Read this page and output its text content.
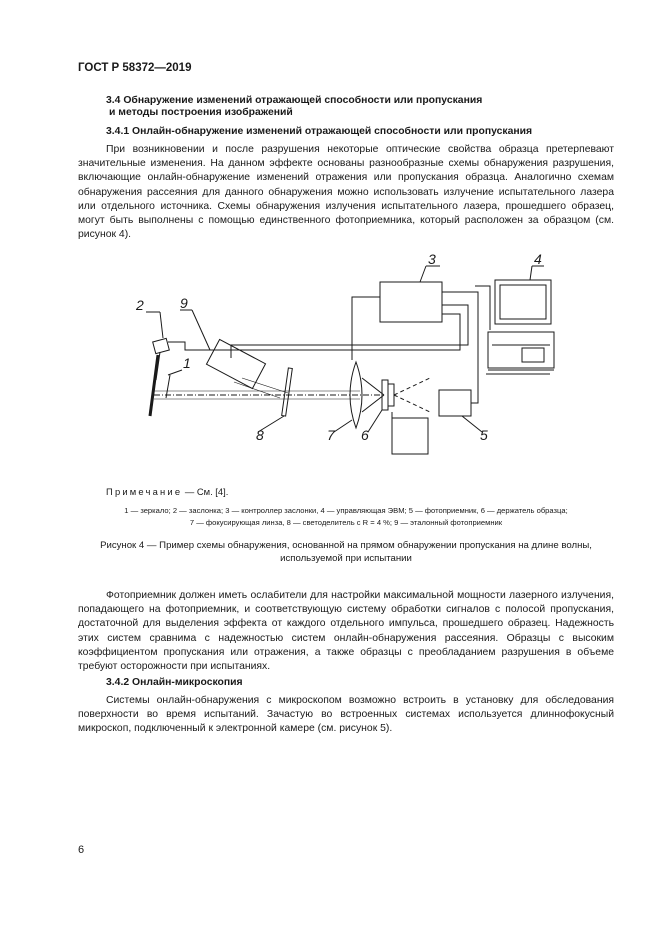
ГОСТ Р 58372—2019
3.4 Обнаружение изменений отражающей способности или пропускания
и методы построения изображений
3.4.1 Онлайн-обнаружение изменений отражающей способности или пропускания

При возникновении и после разрушения некоторые оптические свойства образца претерпевают значительные изменения. На данном эффекте основаны разнообразные схемы обнаружения разрушения, включающие онлайн-обнаружение изменений отражения или пропускания образца. Аналогично схемам обнаружения рассеяния для данного обнаружения можно использовать излучение испытательного лазера или отдельного источника. Схемы обнаружения излучения испытательного лазера, прошедшего образец, могут быть выполнены с помощью единственного фотоприемника, который расположен за образцом (см. рисунок 4).

2	9
3	4
1
8	7 6	5
Примечание — См. [4].
1 — зеркало; 2 — заслонка; 3 — контроллер заслонки, 4 — управляющая ЭВМ; 5 — фотоприемник, 6 — держатель образца;
7 — фокусирующая линза, 8 — светоделитель с R = 4 %; 9 — эталонный фотоприемник
Рисунок 4 — Пример схемы обнаружения, основанной на прямом обнаружении пропускания на длине волны,
используемой при испытании

Фотоприемник должен иметь ослабители для настройки максимальной мощности лазерного излучения, попадающего на фотоприемник, и соответствующую систему обработки сигналов с полосой пропускания, достаточной для выделения эффекта от каждого отдельного импульса, прошедшего образец. Надежность этих систем сравнима с надежностью систем онлайн-обнаружения рассеяния. Образцы с высоким коэффициентом пропускания или отражения, а также образцы с преобладанием разрушения в объеме требуют осторожности при испытаниях.

3.4.2 Онлайн-микроскопия

Системы онлайн-обнаружения с микроскопом возможно встроить в установку для обследования поверхности во время испытаний. Зачастую во встроенных системах используется длиннофокусный микроскоп, подключенный к электронной камере (см. рисунок 5).

6
